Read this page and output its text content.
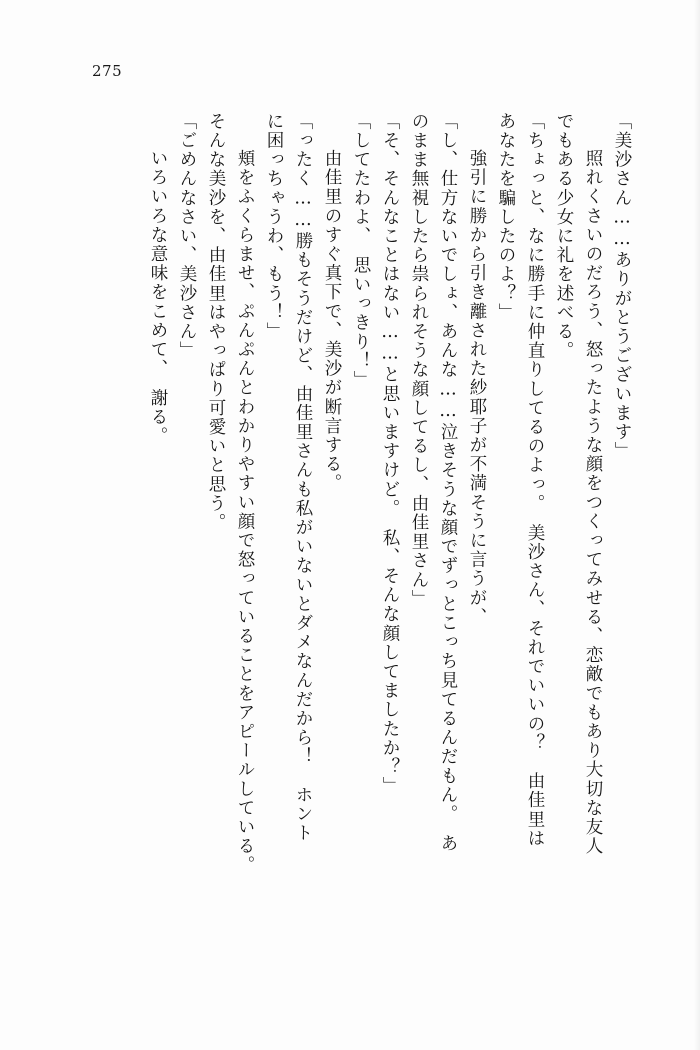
275
「美沙さん……ありがとうございます」
　照れくさいのだろう、怒ったような顔をつくってみせる、恋敵でもあり大切な友人
でもある少女に礼を述べる。
「ちょっと、なに勝手に仲直りしてるのよっ。　美沙さん、それでいいの？　由佳里は
あなたを騙したのよ？」
　強引に勝から引き離された紗耶子が不満そうに言うが、
「し、仕方ないでしょ、あんな……泣きそうな顔でずっとこっち見てるんだもん。　あ
のまま無視したら祟られそうな顔してるし、由佳里さん」
「そ、そんなことはない……と思いますけど。　私、そんな顔してましたか？」
「してたわよ、　思いっきり！」
　由佳里のすぐ真下で、美沙が断言する。
「ったく……勝もそうだけど、由佳里さんも私がいないとダメなんだから！　ホント
に困っちゃうわ、もう！」
　頬をふくらませ、ぷんぷんとわかりやすい顔で怒っていることをアピールしている。
そんな美沙を、由佳里はやっぱり可愛いと思う。
「ごめんなさい、美沙さん」
　いろいろな意味をこめて、　謝る。
